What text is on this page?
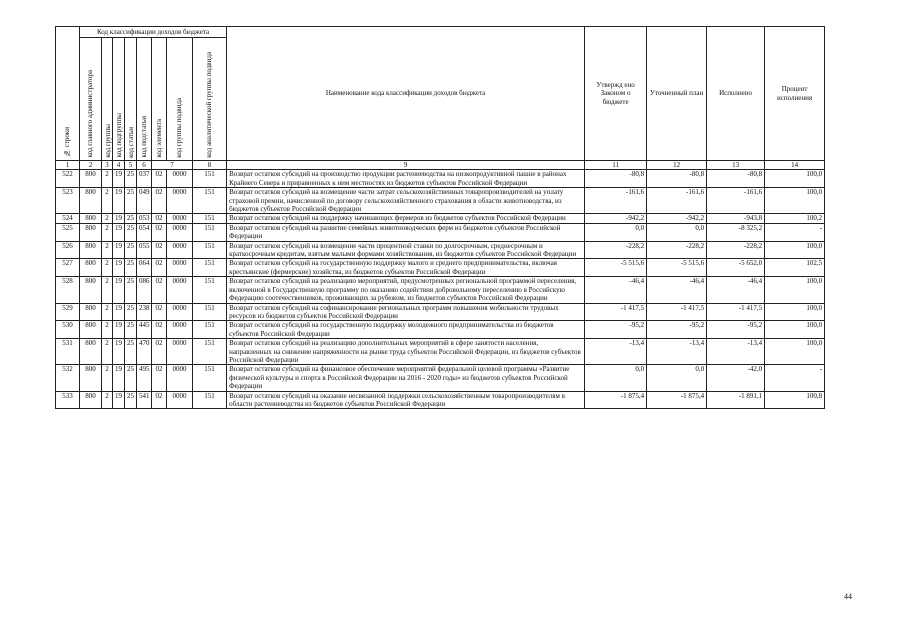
№ строки	Код классификации доходов бюджета								Наименование кода классификации доходов бюджета	Утвержд ено Законом о бюджете	Уточненный план	Исполнено	Процент исполнения
	код главного администратора	код группы	код подгруппы	код статьи	код подстатьи	код элемента	код группы подвида	код аналитической группы подвида					
1	2	3	4	5	6	7		8	9	11	12	13	14
522	800	2	19	25	037	02	0000	151	Возврат остатков субсидий на производство продукции растениеводства на низкопродуктивной пашне в районах Крайнего Севера и приравненных к ним местностях из бюджетов субъектов Российской Федерации	-80,8	-80,8	-80,8	100,0
523	800	2	19	25	049	02	0000	151	Возврат остатков субсидий на возмещение части затрат сельскохозяйственных товаропроизводителей на уплату страховой премии, начисленной по договору сельскохозяйственного страхования в области животноводства, из бюджетов субъектов Российской Федерации	-161,6	-161,6	-161,6	100,0
524	800	2	19	25	053	02	0000	151	Возврат остатков субсидий на поддержку начинающих фермеров из бюджетов субъектов Российской Федерации	-942,2	-942,2	-943,8	100,2
525	800	2	19	25	054	02	0000	151	Возврат остатков субсидий на развитие семейных животноводческих ферм из бюджетов субъектов Российской Федерации	0,0	0,0	-8 325,2	-
526	800	2	19	25	055	02	0000	151	Возврат остатков субсидий на возмещение части процентной ставки по долгосрочным, среднесрочным и краткосрочным кредитам, взятым малыми формами хозяйствования, из бюджетов субъектов Российской Федерации	-228,2	-228,2	-228,2	100,0
527	800	2	19	25	064	02	0000	151	Возврат остатков субсидий на государственную поддержку малого и среднего предпринимательства, включая крестьянские (фермерские) хозяйства, из бюджетов субъектов Российской Федерации	-5 515,6	-5 515,6	-5 652,0	102,5
528	800	2	19	25	086	02	0000	151	Возврат остатков субсидий на реализацию мероприятий, предусмотренных региональной программой переселения, включенной в Государственную программу по оказанию содействия добровольному переселению в Российскую Федерацию соотечественников, проживающих за рубежом, из бюджетов субъектов Российской Федерации	-46,4	-46,4	-46,4	100,0
529	800	2	19	25	238	02	0000	151	Возврат остатков субсидий на софинансирование региональных программ повышения мобильности трудовых ресурсов из бюджетов субъектов Российской Федерации	-1 417,5	-1 417,5	-1 417,5	100,0
530	800	2	19	25	445	02	0000	151	Возврат остатков субсидий на государственную поддержку молодежного предпринимательства из бюджетов субъектов Российской Федерации	-95,2	-95,2	-95,2	100,0
531	800	2	19	25	470	02	0000	151	Возврат остатков субсидий на реализацию дополнительных мероприятий в сфере занятости населения, направленных на снижение напряженности на рынке труда субъектов Российской Федерации, из бюджетов субъектов Российской Федерации	-13,4	-13,4	-13,4	100,0
532	800	2	19	25	495	02	0000	151	Возврат остатков субсидий на финансовое обеспечение мероприятий федеральной целевой программы «Развитие физической культуры и спорта в Российской Федерации на 2016 - 2020 годы» из бюджетов субъектов Российской Федерации	0,0	0,0	-42,0	-
533	800	2	19	25	541	02	0000	151	Возврат остатков субсидий на оказание несвязанной поддержки сельскохозяйственным товаропроизводителям в области растениеводства из бюджетов субъектов Российской Федерации	-1 875,4	-1 875,4	-1 891,1	100,8
44
